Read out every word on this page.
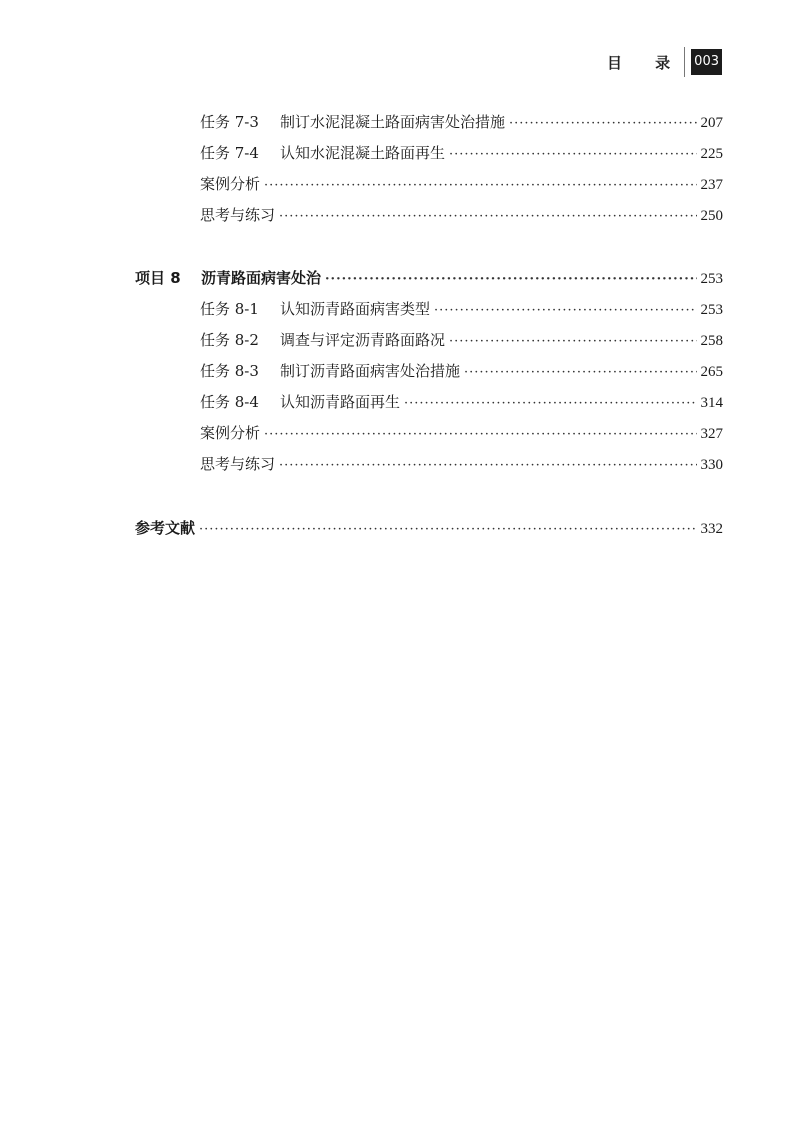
目 录 003
任务 7-3	制订水泥混凝土路面病害处治措施 ·····	207
任务 7-4	认知水泥混凝土路面再生 ·····	225
案例分析 ·····	237
思考与练习 ·····	250
项目 8	沥青路面病害处治 ·····	253
任务 8-1	认知沥青路面病害类型 ·····	253
任务 8-2	调查与评定沥青路面路况 ·····	258
任务 8-3	制订沥青路面病害处治措施 ·····	265
任务 8-4	认知沥青路面再生 ·····	314
案例分析 ·····	327
思考与练习 ·····	330
参考文献 ·····	332
